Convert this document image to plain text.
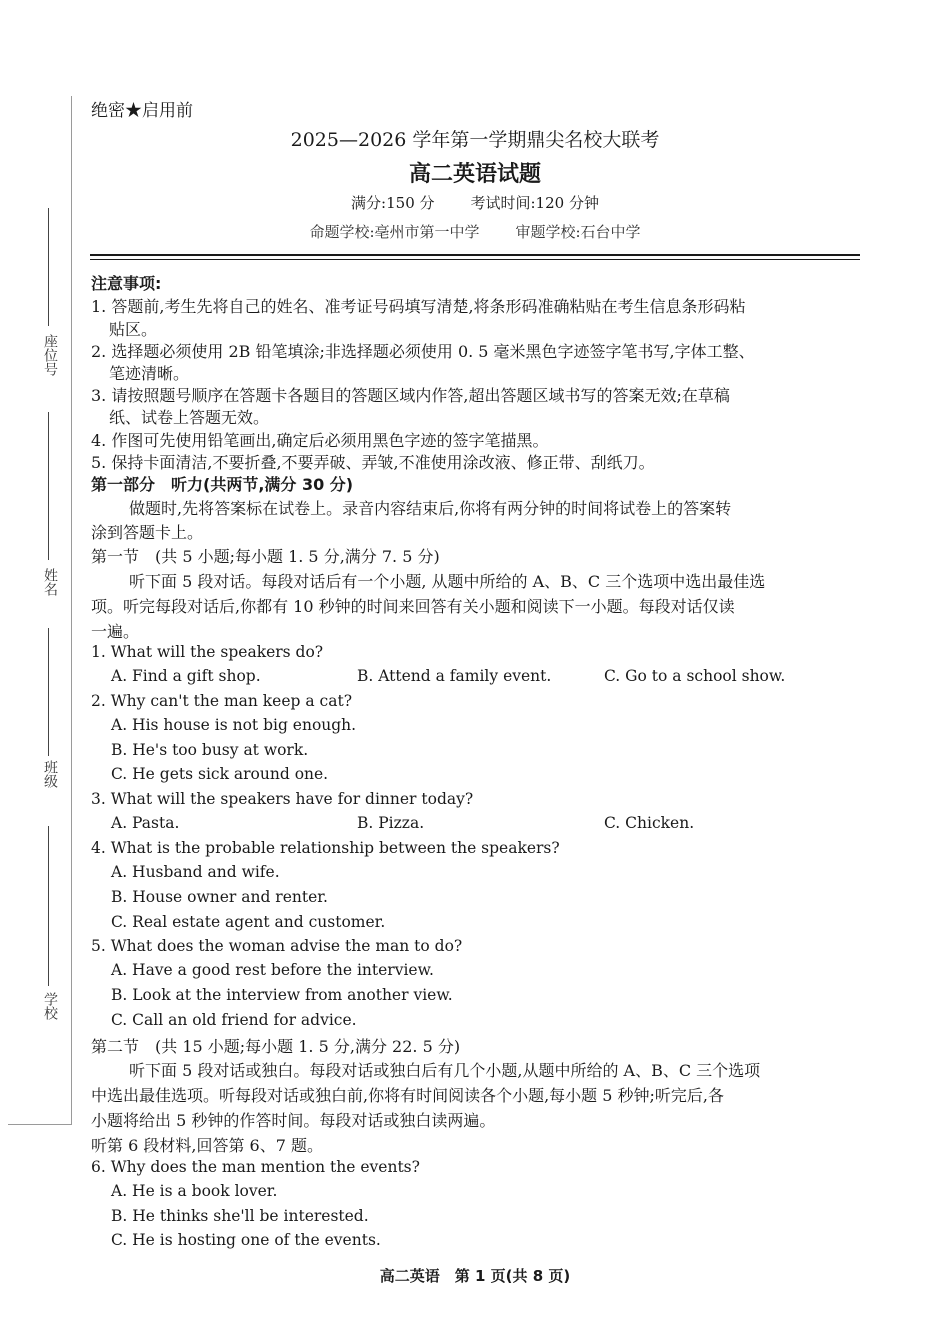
座位号
姓名
班级
学校
绝密★启用前
2025—2026 学年第一学期鼎尖名校大联考
高二英语试题
满分:150 分 考试时间:120 分钟
命题学校:亳州市第一中学 审题学校:石台中学
注意事项:
1. 答题前,考生先将自己的姓名、准考证号码填写清楚,将条形码准确粘贴在考生信息条形码粘
贴区。
2. 选择题必须使用 2B 铅笔填涂;非选择题必须使用 0. 5 毫米黑色字迹签字笔书写,字体工整、
笔迹清晰。
3. 请按照题号顺序在答题卡各题目的答题区域内作答,超出答题区域书写的答案无效;在草稿
纸、试卷上答题无效。
4. 作图可先使用铅笔画出,确定后必须用黑色字迹的签字笔描黑。
5. 保持卡面清洁,不要折叠,不要弄破、弄皱,不准使用涂改液、修正带、刮纸刀。
第一部分　听力(共两节,满分 30 分)
做题时,先将答案标在试卷上。录音内容结束后,你将有两分钟的时间将试卷上的答案转
涂到答题卡上。
第一节　(共 5 小题;每小题 1. 5 分,满分 7. 5 分)
听下面 5 段对话。每段对话后有一个小题, 从题中所给的 A、B、C 三个选项中选出最佳选
项。听完每段对话后,你都有 10 秒钟的时间来回答有关小题和阅读下一小题。每段对话仅读
一遍。
1. What will the speakers do?
A. Find a gift shop.	B. Attend a family event.	C. Go to a school show.
2. Why can't the man keep a cat?
A. His house is not big enough.
B. He's too busy at work.
C. He gets sick around one.
3. What will the speakers have for dinner today?
A. Pasta.	B. Pizza.	C. Chicken.
4. What is the probable relationship between the speakers?
A. Husband and wife.
B. House owner and renter.
C. Real estate agent and customer.
5. What does the woman advise the man to do?
A. Have a good rest before the interview.
B. Look at the interview from another view.
C. Call an old friend for advice.
第二节　(共 15 小题;每小题 1. 5 分,满分 22. 5 分)
听下面 5 段对话或独白。每段对话或独白后有几个小题,从题中所给的 A、B、C 三个选项
中选出最佳选项。听每段对话或独白前,你将有时间阅读各个小题,每小题 5 秒钟;听完后,各
小题将给出 5 秒钟的作答时间。每段对话或独白读两遍。
听第 6 段材料,回答第 6、7 题。
6. Why does the man mention the events?
A. He is a book lover.
B. He thinks she'll be interested.
C. He is hosting one of the events.
高二英语　第 1 页(共 8 页)
